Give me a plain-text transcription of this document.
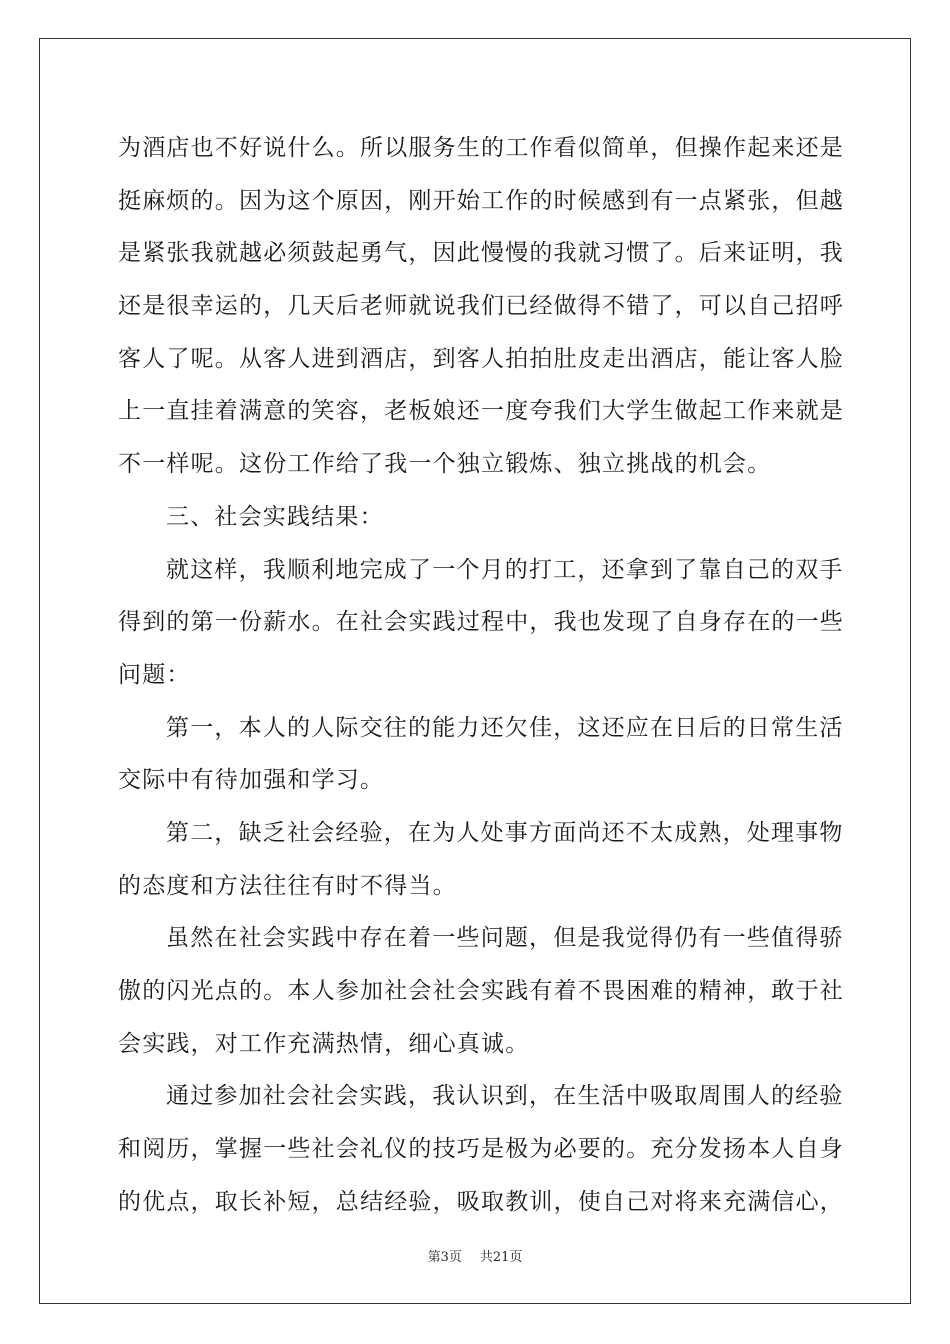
为酒店也不好说什么。所以服务生的工作看似简单，但操作起来还是
挺麻烦的。因为这个原因，刚开始工作的时候感到有一点紧张，但越
是紧张我就越必须鼓起勇气，因此慢慢的我就习惯了。后来证明，我
还是很幸运的，几天后老师就说我们已经做得不错了，可以自己招呼
客人了呢。从客人进到酒店，到客人拍拍肚皮走出酒店，能让客人脸
上一直挂着满意的笑容，老板娘还一度夸我们大学生做起工作来就是
不一样呢。这份工作给了我一个独立锻炼、独立挑战的机会。
三、社会实践结果：
就这样，我顺利地完成了一个月的打工，还拿到了靠自己的双手
得到的第一份薪水。在社会实践过程中，我也发现了自身存在的一些
问题：
第一，本人的人际交往的能力还欠佳，这还应在日后的日常生活
交际中有待加强和学习。
第二，缺乏社会经验，在为人处事方面尚还不太成熟，处理事物
的态度和方法往往有时不得当。
虽然在社会实践中存在着一些问题，但是我觉得仍有一些值得骄
傲的闪光点的。本人参加社会社会实践有着不畏困难的精神，敢于社
会实践，对工作充满热情，细心真诚。
通过参加社会社会实践，我认识到，在生活中吸取周围人的经验
和阅历，掌握一些社会礼仪的技巧是极为必要的。充分发扬本人自身
的优点，取长补短，总结经验，吸取教训，使自己对将来充满信心，
第3页 共21页
